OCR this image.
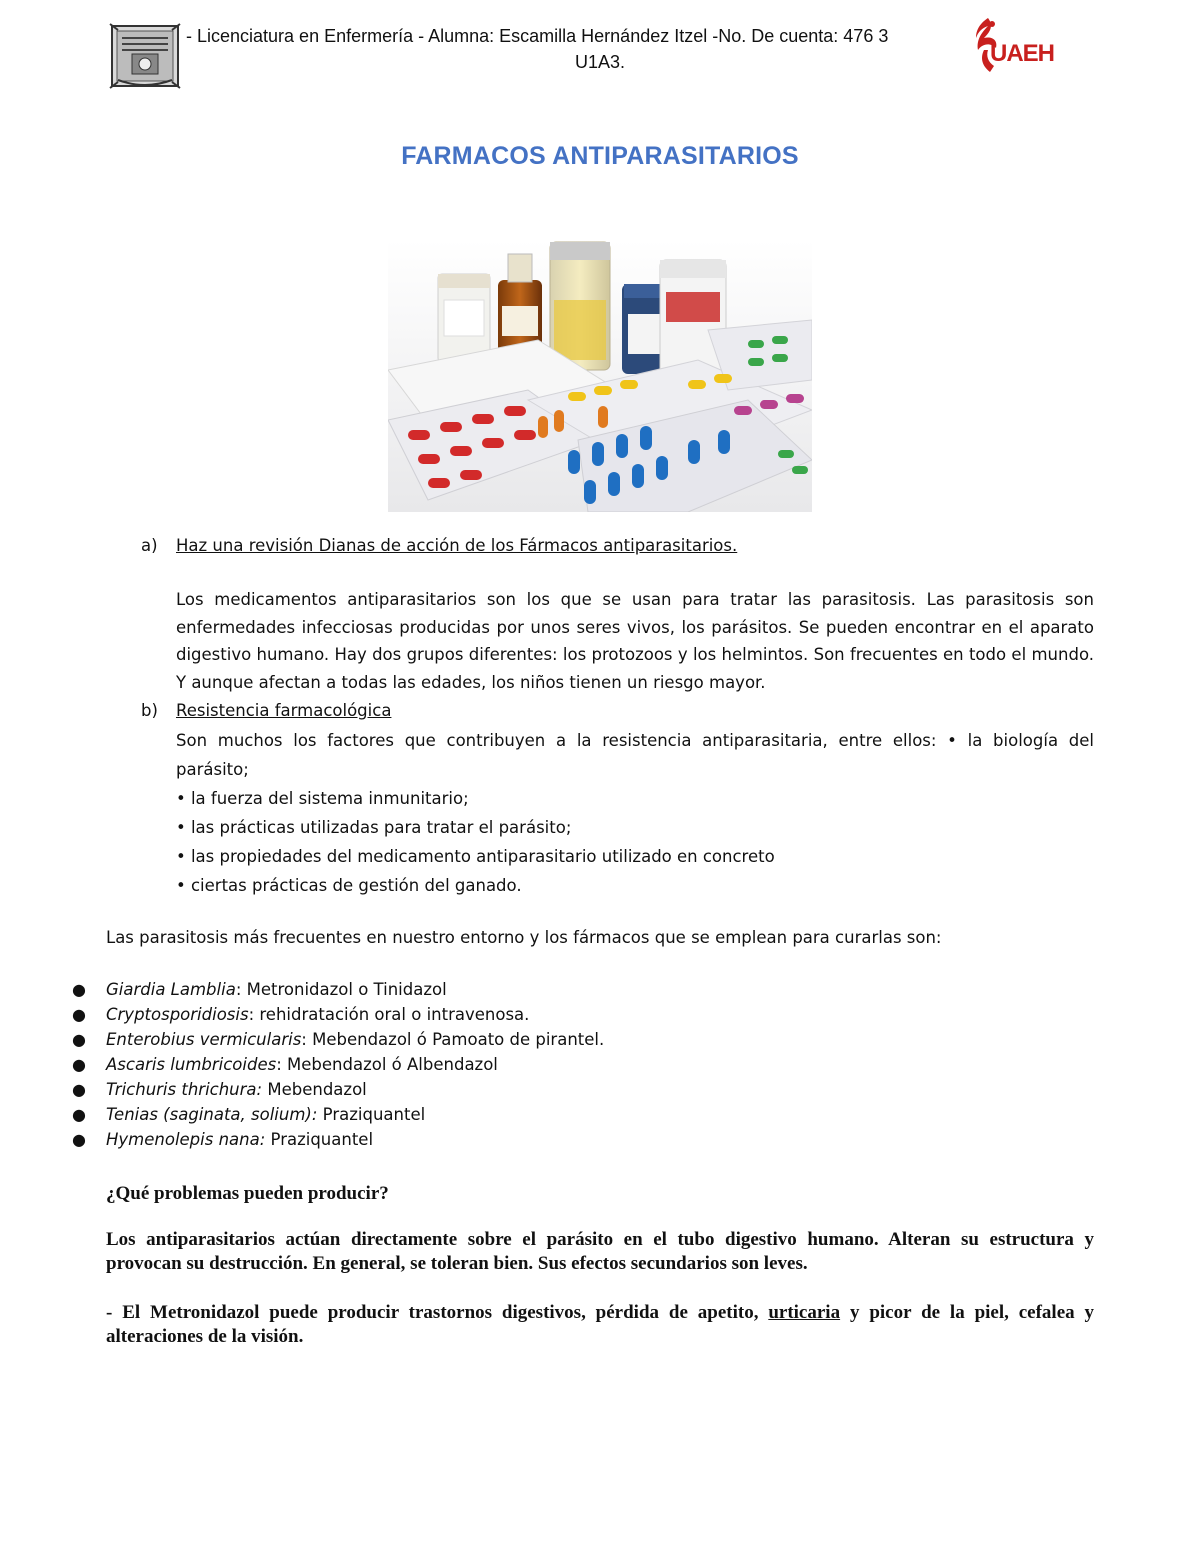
- Licenciatura en Enfermería - Alumna: Escamilla Hernández Itzel -No. De cuenta: 476 3
U1A3.	UAEH
FARMACOS ANTIPARASITARIOS
a) Haz una revisión Dianas de acción de los Fármacos antiparasitarios.
Los medicamentos antiparasitarios son los que se usan para tratar las parasitosis. Las parasitosis son
enfermedades infecciosas producidas por unos seres vivos, los parásitos. Se pueden encontrar en el aparato
digestivo humano. Hay dos grupos diferentes: los protozoos y los helmintos. Son frecuentes en todo el mundo.
Y aunque afectan a todas las edades, los niños tienen un riesgo mayor.
b) Resistencia farmacológica
Son muchos los factores que contribuyen a la resistencia antiparasitaria, entre ellos: • la biología del
parásito;
• la fuerza del sistema inmunitario;
• las prácticas utilizadas para tratar el parásito;
• las propiedades del medicamento antiparasitario utilizado en concreto
• ciertas prácticas de gestión del ganado.
Las parasitosis más frecuentes en nuestro entorno y los fármacos que se emplean para curarlas son:
● Giardia Lamblia: Metronidazol o Tinidazol
● Cryptosporidiosis: rehidratación oral o intravenosa.
● Enterobius vermicularis: Mebendazol ó Pamoato de pirantel.
● Ascaris lumbricoides: Mebendazol ó Albendazol
● Trichuris thrichura: Mebendazol
● Tenias (saginata, solium): Praziquantel
● Hymenolepis nana: Praziquantel
¿Qué problemas pueden producir?
Los antiparasitarios actúan directamente sobre el parásito en el tubo digestivo humano. Alteran su estructura y
provocan su destrucción. En general, se toleran bien. Sus efectos secundarios son leves.
- El Metronidazol puede producir trastornos digestivos, pérdida de apetito, urticaria y picor de la piel, cefalea y
alteraciones de la visión.
